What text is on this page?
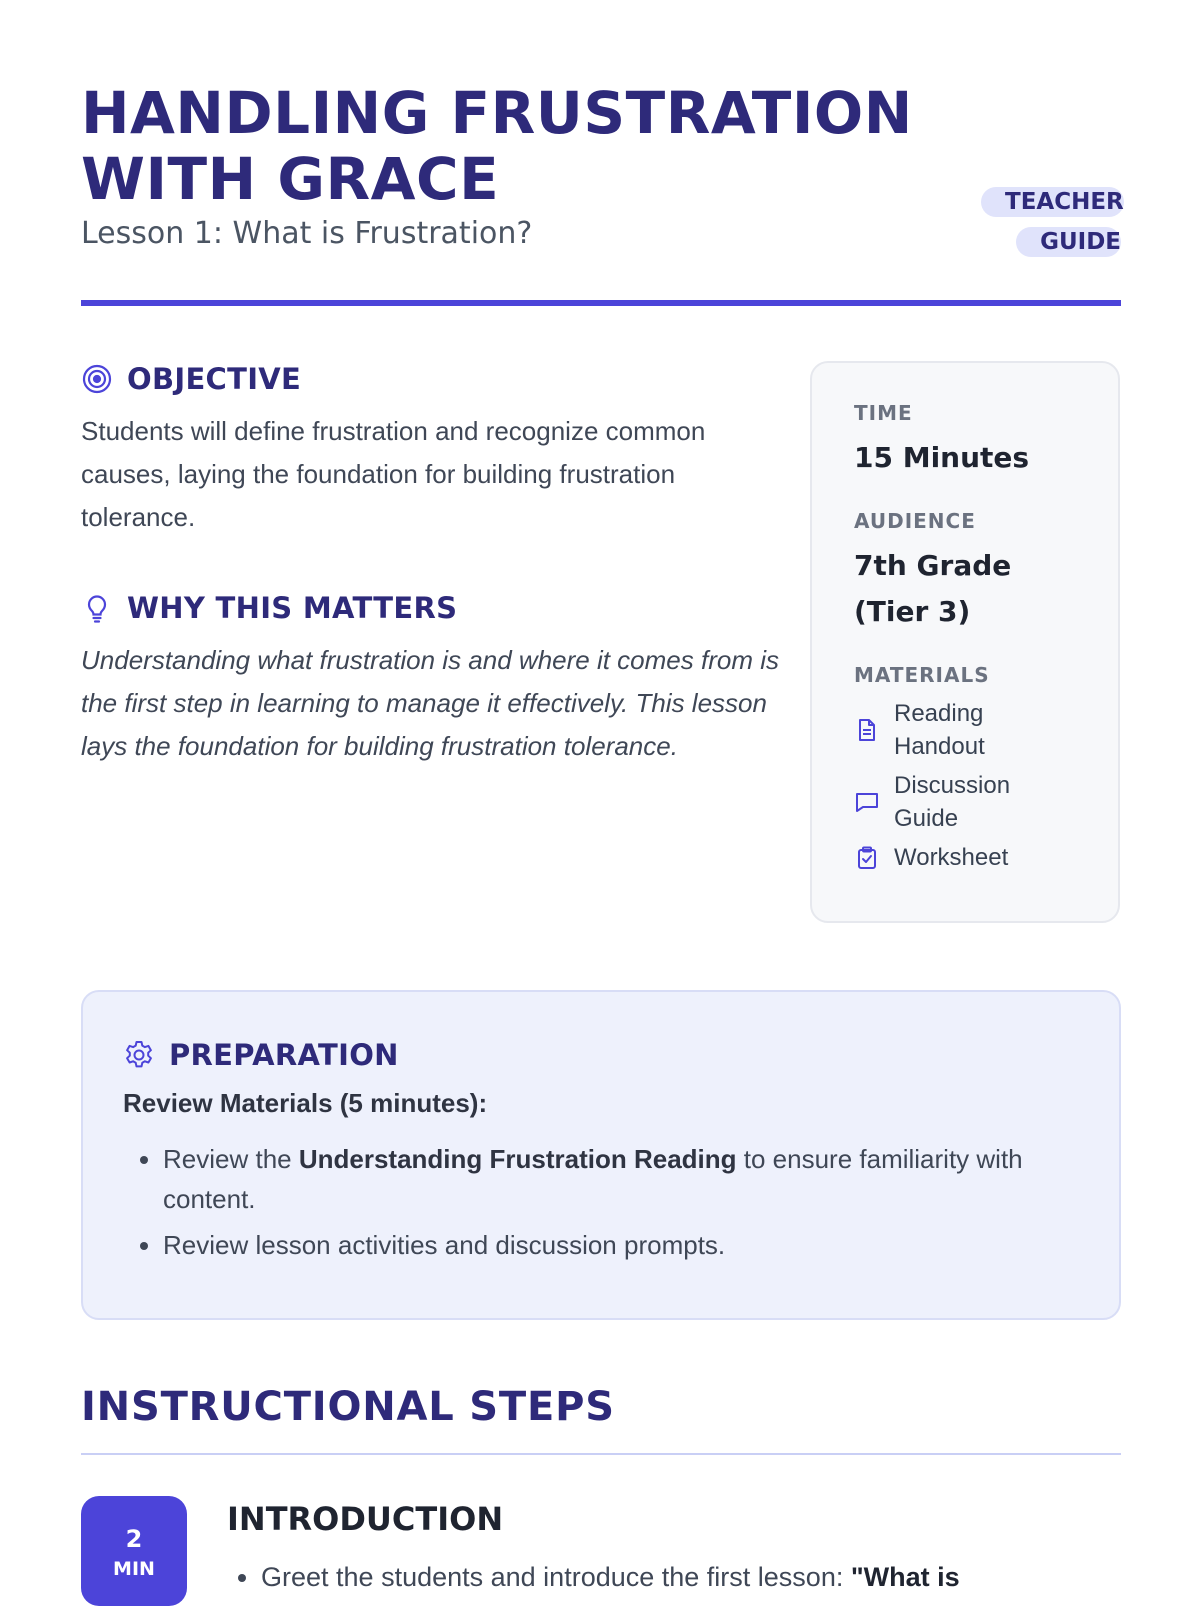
HANDLING FRUSTRATION
WITH GRACE

Lesson 1: What is Frustration?

TEACHER
GUIDE
OBJECTIVE

Students will define frustration and recognize common causes, laying the foundation for building frustration tolerance.

WHY THIS MATTERS

Understanding what frustration is and where it comes from is the first step in learning to manage it effectively. This lesson lays the foundation for building frustration tolerance.

TIME

15 Minutes

AUDIENCE

7th Grade (Tier 3)

MATERIALS

Reading Handout
Discussion Guide
Worksheet
PREPARATION

Review Materials (5 minutes):

• Review the Understanding Frustration Reading to ensure familiarity with content.
• Review lesson activities and discussion prompts.
INSTRUCTIONAL STEPS
2
MIN
INTRODUCTION
• Greet the students and introduce the first lesson: "What is
